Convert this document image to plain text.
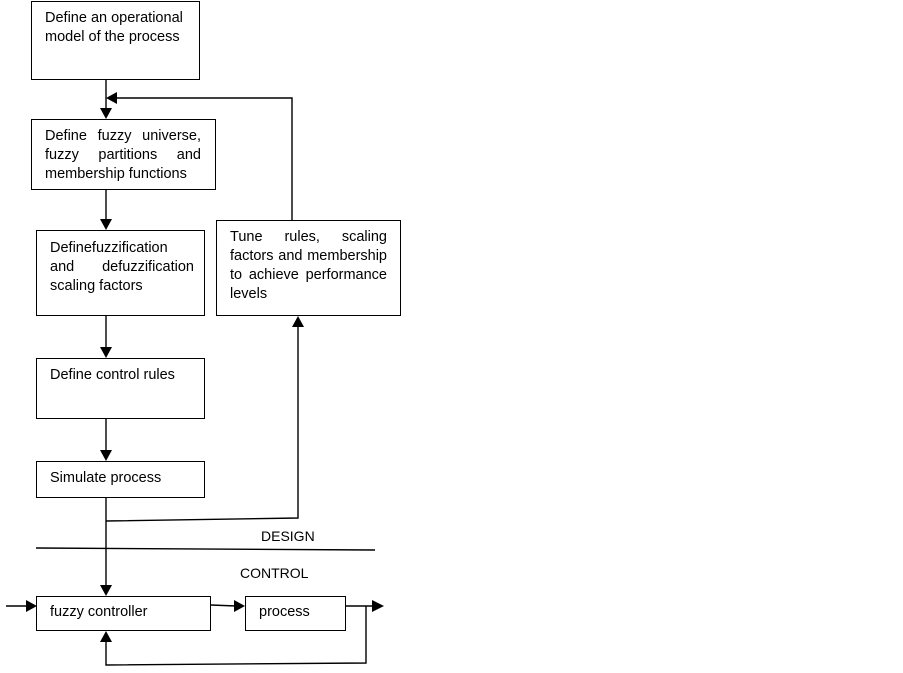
Define an operational model of the process
Define fuzzy universe, fuzzy partitions and membership functions
Definefuzzification and defuzzification scaling factors
Define control rules
Simulate process
Tune rules, scaling factors and membership to achieve performance levels
fuzzy controller	process
DESIGN
CONTROL
